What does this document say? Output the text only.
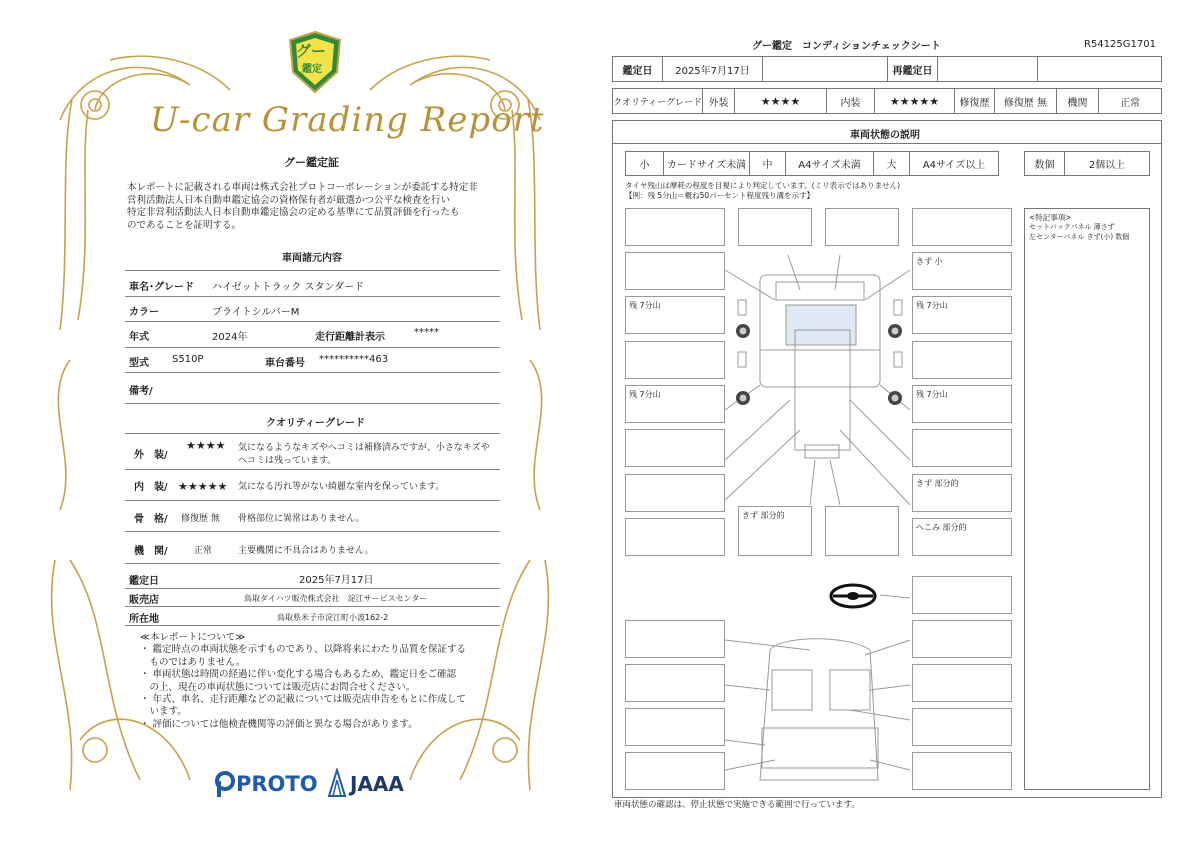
グー
鑑定
U-car Grading Report
グー鑑定証
本レポートに記載される車両は株式会社プロトコーポレーションが委託する特定非
営利活動法人日本自動車鑑定協会の資格保有者が厳選かつ公平な検査を行い
特定非営利活動法人日本自動車鑑定協会の定める基準にて品質評価を行ったも
のであることを証明する。
車両諸元内容
車名･グレード ハイゼットトラック スタンダード
カラー	ブライトシルバーM
年式	2024年	走行距離計表示	*****
型式 S510P	車台番号 **********463
備考/
クオリティーグレード
外　装/
★★★★ 気になるようなキズやヘコミは補修済みですが、小さなキズや
ヘコミは残っています。
内　装/ ★★★★★ 気になる汚れ等がない綺麗な室内を保っています。
骨　格/ 修復歴 無 骨格部位に異常はありません。
機　関/	正常	主要機関に不具合はありません。
鑑定日	2025年7月17日
販売店	鳥取ダイハツ販売株式会社　淀江サービスセンター
所在地	鳥取県米子市淀江町小波162-2
≪本レポートについて≫
・ 鑑定時点の車両状態を示すものであり、以降将来にわたり品質を保証する
　ものではありません。
・ 車両状態は時間の経過に伴い変化する場合もあるため、鑑定日をご確認
　の上、現在の車両状態については販売店にお問合せください。
・ 年式、車名、走行距離などの記載については販売店申告をもとに作成して
　います。
・ 評価については他検査機関等の評価と異なる場合があります。
PROTO JAAA
グー鑑定　コンディションチェックシート	R54125G1701
鑑定日	2025年7月17日	再鑑定日
クオリティーグレード 外装	★★★★	内装	★★★★★	修復歴	修復歴 無	機関	正常
車両状態の説明
小	カードサイズ未満	中	A4サイズ未満	大	A4サイズ以上	数個	2個以上
タイヤ残山は摩耗の程度を目視により判定しています。(ミリ表示ではありません)
【例：残 5分山＝概ね50パーセント程度残り溝を示す】
残 7分山
残 7分山
きず 部分的
きず 小
残 7分山
残 7分山
きず 部分的
へこみ 部分的
<特記事項>
セットバックパネル 薄さず
左センターパネル きず(小) 数個
車両状態の確認は、停止状態で実施できる範囲で行っています。
